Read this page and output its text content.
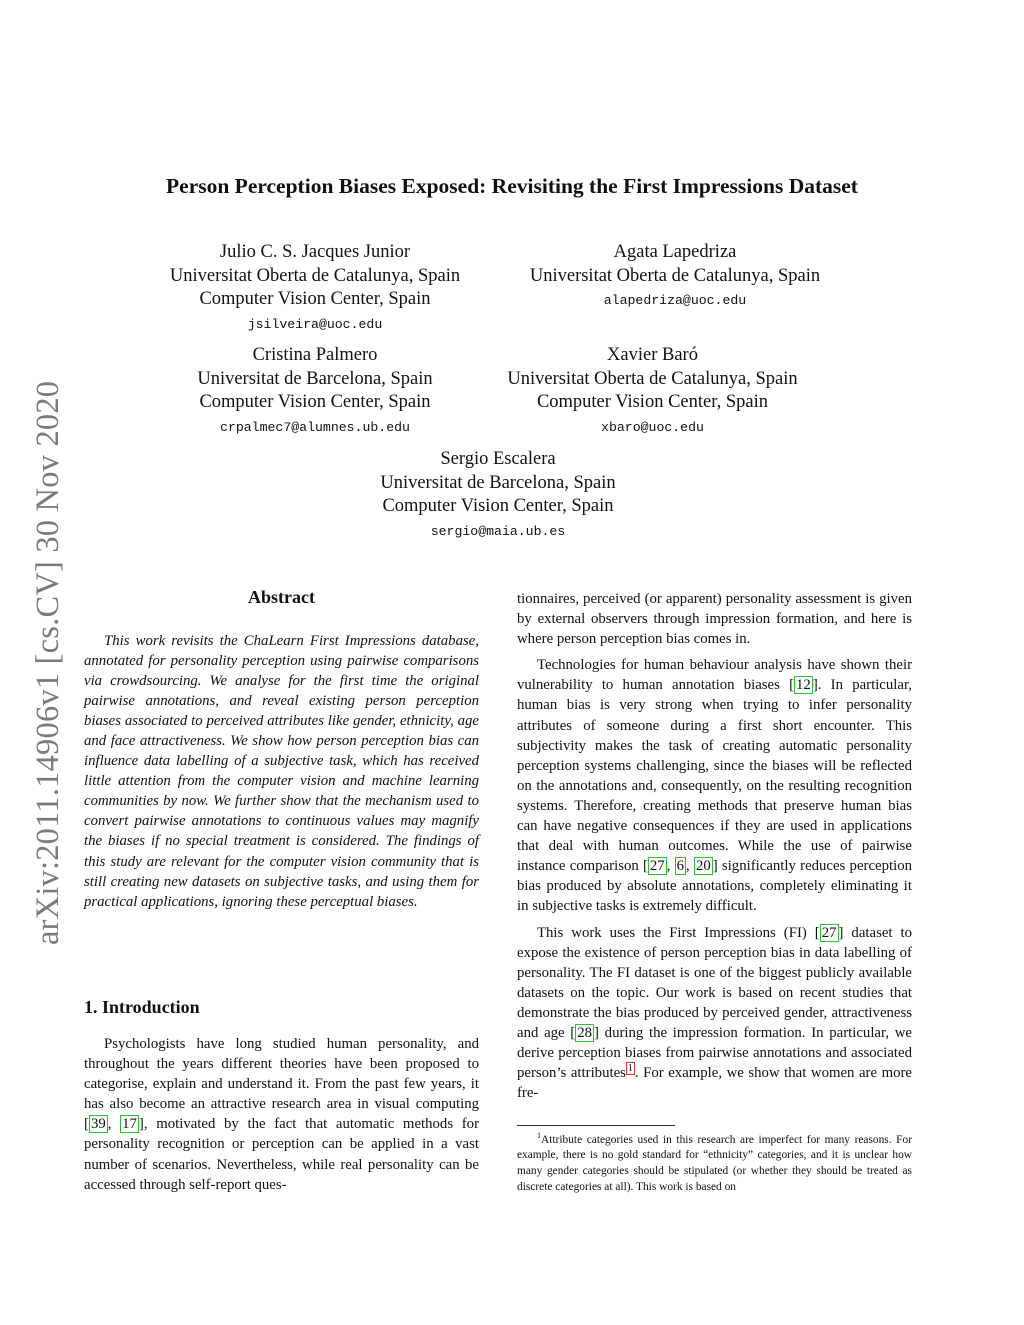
arXiv:2011.14906v1 [cs.CV] 30 Nov 2020
Person Perception Biases Exposed: Revisiting the First Impressions Dataset
Julio C. S. Jacques Junior
Universitat Oberta de Catalunya, Spain
Computer Vision Center, Spain
jsilveira@uoc.edu
Agata Lapedriza
Universitat Oberta de Catalunya, Spain
alapedriza@uoc.edu
Cristina Palmero
Universitat de Barcelona, Spain
Computer Vision Center, Spain
crpalmec7@alumnes.ub.edu
Xavier Baró
Universitat Oberta de Catalunya, Spain
Computer Vision Center, Spain
xbaro@uoc.edu
Sergio Escalera
Universitat de Barcelona, Spain
Computer Vision Center, Spain
sergio@maia.ub.es
Abstract
This work revisits the ChaLearn First Impressions database, annotated for personality perception using pairwise comparisons via crowdsourcing. We analyse for the first time the original pairwise annotations, and reveal existing person perception biases associated to perceived attributes like gender, ethnicity, age and face attractiveness. We show how person perception bias can influence data labelling of a subjective task, which has received little attention from the computer vision and machine learning communities by now. We further show that the mechanism used to convert pairwise annotations to continuous values may magnify the biases if no special treatment is considered. The findings of this study are relevant for the computer vision community that is still creating new datasets on subjective tasks, and using them for practical applications, ignoring these perceptual biases.
1. Introduction

Psychologists have long studied human personality, and throughout the years different theories have been proposed to categorise, explain and understand it. From the past few years, it has also become an attractive research area in visual computing [ 39 , 17 ], motivated by the fact that automatic methods for personality recognition or perception can be applied in a vast number of scenarios. Nevertheless, while real personality can be accessed through self-report ques-

tionnaires, perceived (or apparent) personality assessment is given by external observers through impression formation, and here is where person perception bias comes in.

Technologies for human behaviour analysis have shown their vulnerability to human annotation biases [ 12 ]. In particular, human bias is very strong when trying to infer personality attributes of someone during a first short encounter. This subjectivity makes the task of creating automatic personality perception systems challenging, since the biases will be reflected on the annotations and, consequently, on the resulting recognition systems. Therefore, creating methods that preserve human bias can have negative consequences if they are used in applications that deal with human outcomes. While the use of pairwise instance comparison [ 27 , 6 , 20 ] significantly reduces perception bias produced by absolute annotations, completely eliminating it in subjective tasks is extremely difficult.

This work uses the First Impressions (FI) [ 27 ] dataset to expose the existence of person perception bias in data labelling of personality. The FI dataset is one of the biggest publicly available datasets on the topic. Our work is based on recent studies that demonstrate the bias produced by perceived gender, attractiveness and age [ 28 ] during the impression formation. In particular, we derive perception biases from pairwise annotations and associated person’s attributes $^1$ . For example, we show that women are more fre-

$^1$Attribute categories used in this research are imperfect for many reasons. For example, there is no gold standard for “ethnicity” categories, and it is unclear how many gender categories should be stipulated (or whether they should be treated as discrete categories at all). This work is based on
